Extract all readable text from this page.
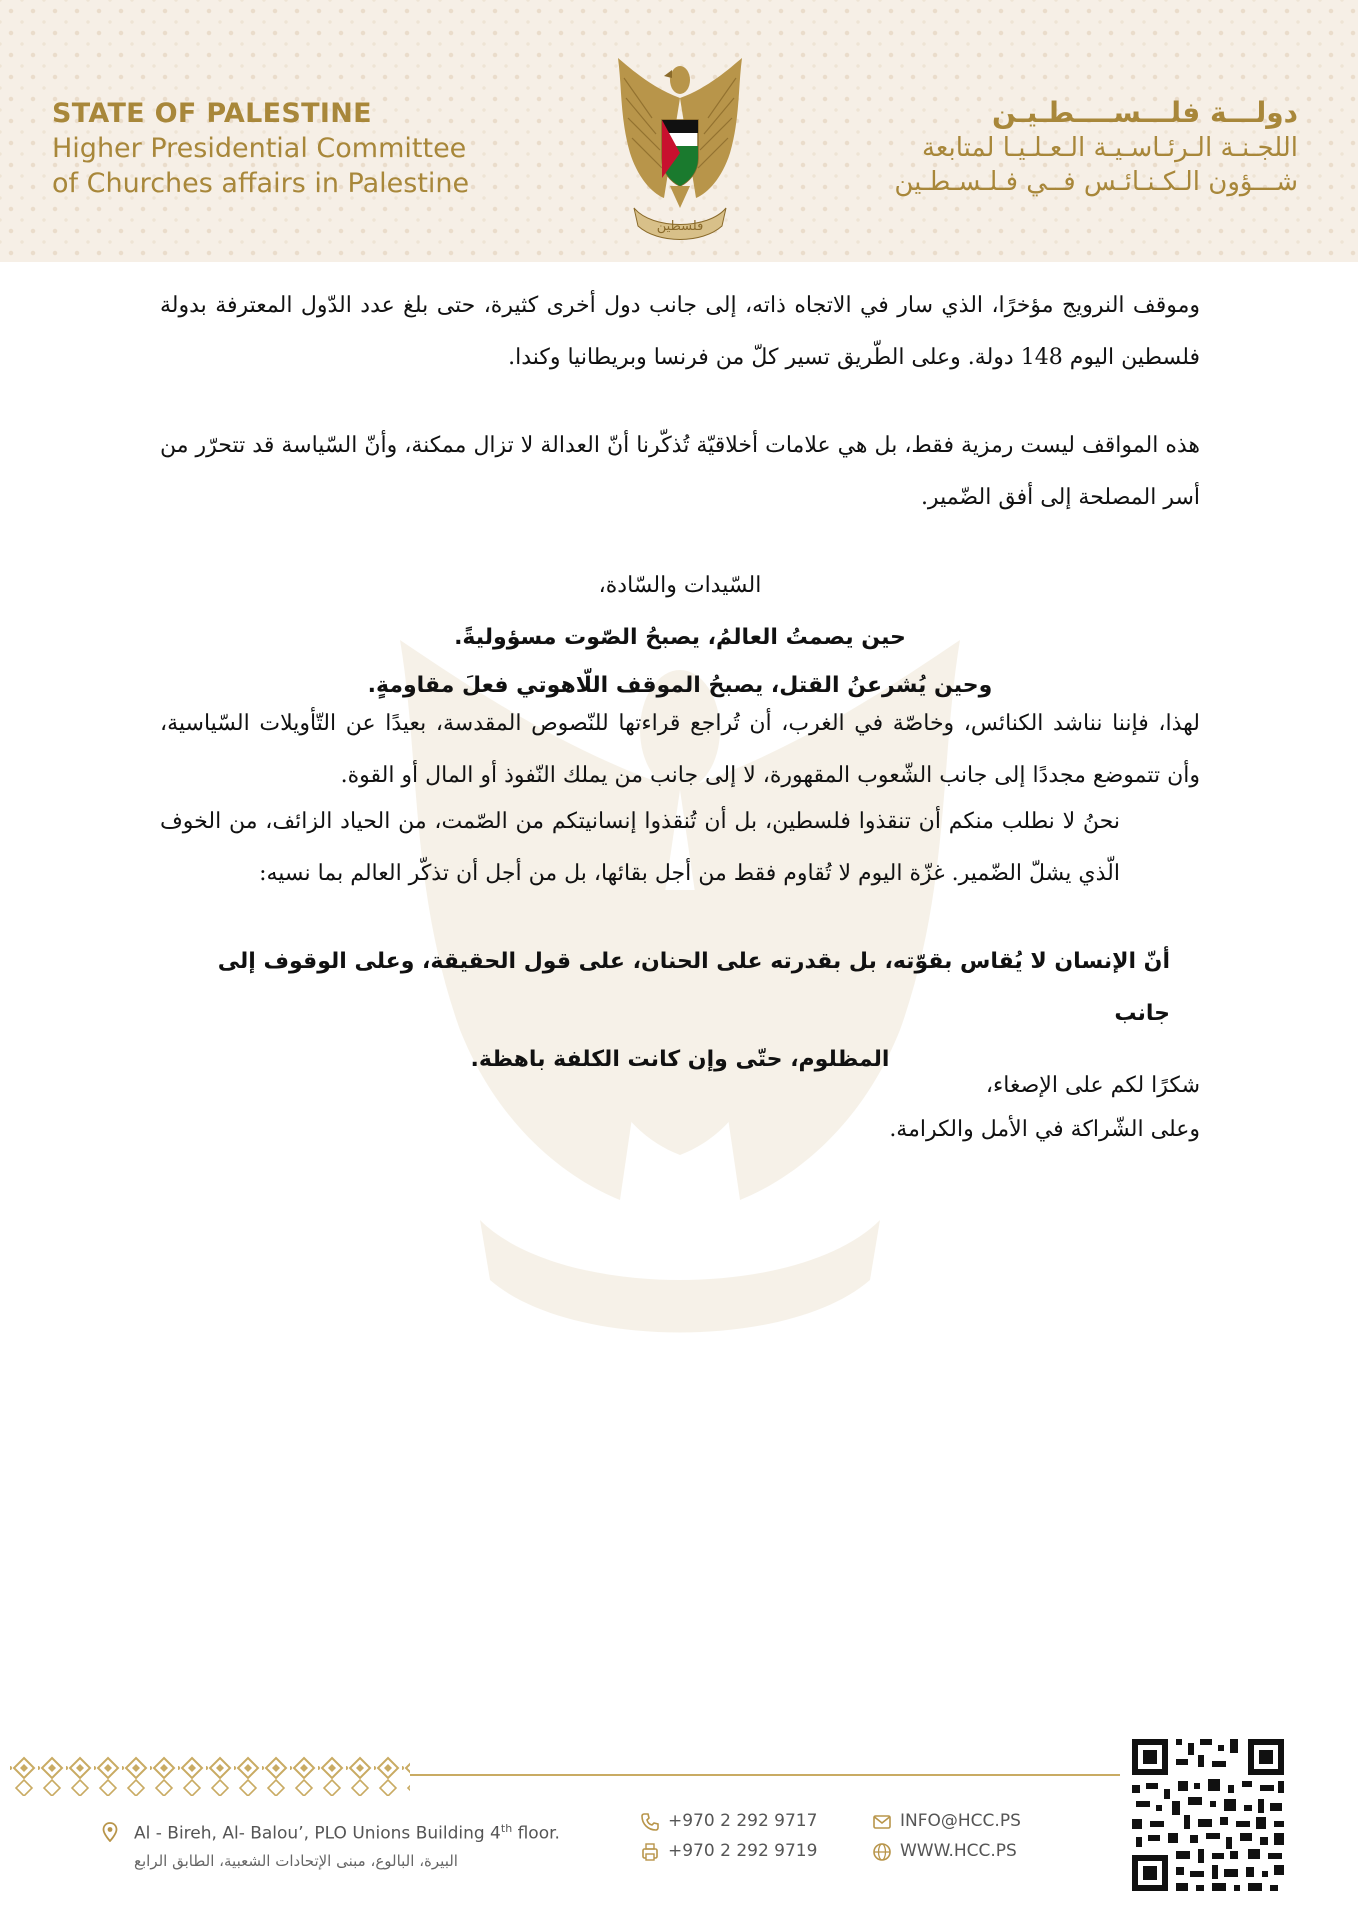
STATE OF PALESTINE
Higher Presidential Committee
of Churches affairs in Palestine
فلسطين
دولـــة فلـــســــطـيـن
اللجـنـة الـرئـاسـيـة الـعـلـيـا لمتابعة
شـــؤون الـكـنـائـس فــي فـلـسـطـين

وموقف النرويج مؤخرًا، الذي سار في الاتجاه ذاته، إلى جانب دول أخرى كثيرة، حتى بلغ عدد الدّول المعترفة بدولة فلسطين اليوم 148 دولة. وعلى الطّريق تسير كلّ من فرنسا وبريطانيا وكندا.

هذه المواقف ليست رمزية فقط، بل هي علامات أخلاقيّة تُذكّرنا أنّ العدالة لا تزال ممكنة، وأنّ السّياسة قد تتحرّر من أسر المصلحة إلى أفق الضّمير.

السّيدات والسّادة،

حين يصمتُ العالمُ، يصبحُ الصّوت مسؤوليةً.

وحين يُشرعنُ القتل، يصبحُ الموقف اللّاهوتي فعلَ مقاومةٍ.

لهذا، فإننا نناشد الكنائس، وخاصّة في الغرب، أن تُراجع قراءتها للنّصوص المقدسة، بعيدًا عن التّأويلات السّياسية، وأن تتموضع مجددًا إلى جانب الشّعوب المقهورة، لا إلى جانب من يملك النّفوذ أو المال أو القوة.

نحنُ لا نطلب منكم أن تنقذوا فلسطين، بل أن تُنقذوا إنسانيتكم من الصّمت، من الحياد الزائف، من الخوف الّذي يشلّ الضّمير. غزّة اليوم لا تُقاوم فقط من أجل بقائها، بل من أجل أن تذكّر العالم بما نسيه:

أنّ الإنسان لا يُقاس بقوّته، بل بقدرته على الحنان، على قول الحقيقة، وعلى الوقوف إلى جانب

المظلوم، حتّى وإن كانت الكلفة باهظة.

شكرًا لكم على الإصغاء،

وعلى الشّراكة في الأمل والكرامة.

Al - Bireh, Al- Balou’, PLO Unions Building 4th floor.
البيرة، البالوع، مبنى الإتحادات الشعبية، الطابق الرابع
+970 2 292 9717
+970 2 292 9719
INFO@HCC.PS
WWW.HCC.PS
